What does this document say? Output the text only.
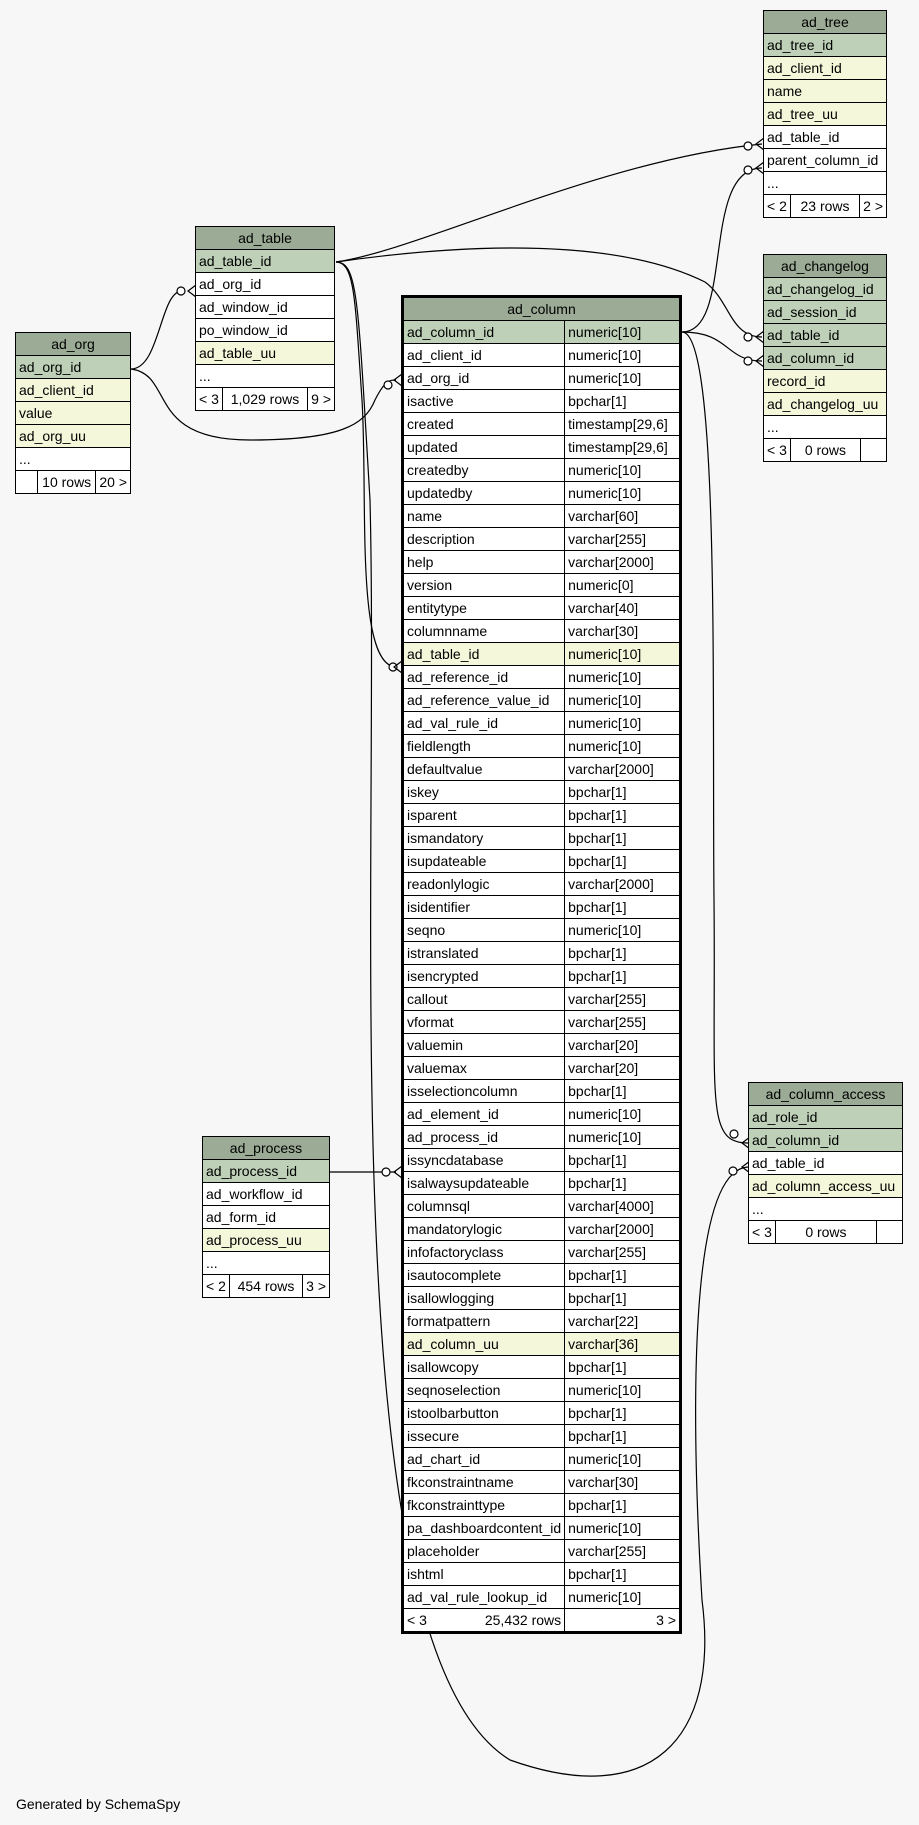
ad_org
ad_org_id
ad_client_id
value
ad_org_uu
...
	10 rows	20 >
ad_table
ad_table_id
ad_org_id
ad_window_id
po_window_id
ad_table_uu
...
< 3	1,029 rows	9 >
ad_tree
ad_tree_id
ad_client_id
name
ad_tree_uu
ad_table_id
parent_column_id
...
< 2	23 rows	2 >
ad_changelog
ad_changelog_id
ad_session_id
ad_table_id
ad_column_id
record_id
ad_changelog_uu
...
< 3	0 rows	
ad_process
ad_process_id
ad_workflow_id
ad_form_id
ad_process_uu
...
< 2	454 rows	3 >
ad_column_access
ad_role_id
ad_column_id
ad_table_id
ad_column_access_uu
...
< 3	0 rows	
ad_column	
ad_column_id	numeric[10]
ad_client_id	numeric[10]
ad_org_id	numeric[10]
isactive	bpchar[1]
created	timestamp[29,6]
updated	timestamp[29,6]
createdby	numeric[10]
updatedby	numeric[10]
name	varchar[60]
description	varchar[255]
help	varchar[2000]
version	numeric[0]
entitytype	varchar[40]
columnname	varchar[30]
ad_table_id	numeric[10]
ad_reference_id	numeric[10]
ad_reference_value_id	numeric[10]
ad_val_rule_id	numeric[10]
fieldlength	numeric[10]
defaultvalue	varchar[2000]
iskey	bpchar[1]
isparent	bpchar[1]
ismandatory	bpchar[1]
isupdateable	bpchar[1]
readonlylogic	varchar[2000]
isidentifier	bpchar[1]
seqno	numeric[10]
istranslated	bpchar[1]
isencrypted	bpchar[1]
callout	varchar[255]
vformat	varchar[255]
valuemin	varchar[20]
valuemax	varchar[20]
isselectioncolumn	bpchar[1]
ad_element_id	numeric[10]
ad_process_id	numeric[10]
issyncdatabase	bpchar[1]
isalwaysupdateable	bpchar[1]
columnsql	varchar[4000]
mandatorylogic	varchar[2000]
infofactoryclass	varchar[255]
isautocomplete	bpchar[1]
isallowlogging	bpchar[1]
formatpattern	varchar[22]
ad_column_uu	varchar[36]
isallowcopy	bpchar[1]
seqnoselection	numeric[10]
istoolbarbutton	bpchar[1]
issecure	bpchar[1]
ad_chart_id	numeric[10]
fkconstraintname	varchar[30]
fkconstrainttype	bpchar[1]
pa_dashboardcontent_id	numeric[10]
placeholder	varchar[255]
ishtml	bpchar[1]
ad_val_rule_lookup_id	numeric[10]
< 3 25,432 rows	3 >
Generated by SchemaSpy
